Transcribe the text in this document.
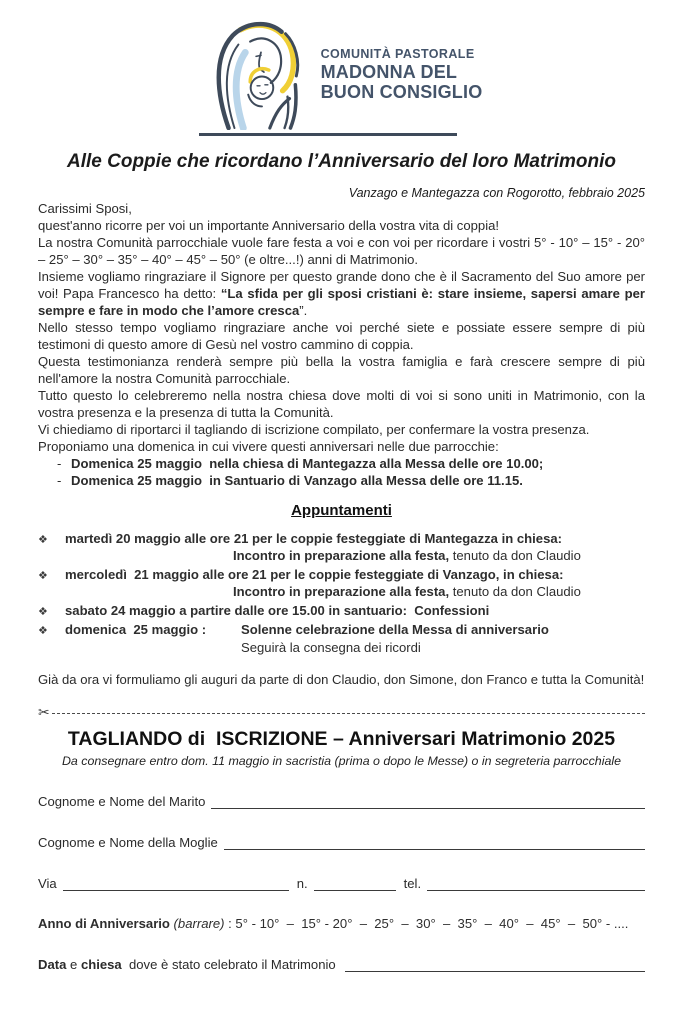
COMUNITÀ PASTORALE
MADONNA DEL
BUON CONSIGLIO
Alle Coppie che ricordano l’Anniversario del loro Matrimonio
Vanzago e Mantegazza con Rogorotto, febbraio 2025
Carissimi Sposi,
quest'anno ricorre per voi un importante Anniversario della vostra vita di coppia!
La nostra Comunità parrocchiale vuole fare festa a voi e con voi per ricordare i vostri 5° - 10° – 15° - 20° – 25° – 30° – 35° – 40° – 45° – 50° (e oltre...!) anni di Matrimonio.
Insieme vogliamo ringraziare il Signore per questo grande dono che è il Sacramento del Suo amore per voi! Papa Francesco ha detto: “La sfida per gli sposi cristiani è: stare insieme, sapersi amare per sempre e fare in modo che l’amore cresca”.
Nello stesso tempo vogliamo ringraziare anche voi perché siete e possiate essere sempre di più testimoni di questo amore di Gesù nel vostro cammino di coppia.
Questa testimonianza renderà sempre più bella la vostra famiglia e farà crescere sempre di più nell'amore la nostra Comunità parrocchiale.
Tutto questo lo celebreremo nella nostra chiesa dove molti di voi si sono uniti in Matrimonio, con la vostra presenza e la presenza di tutta la Comunità.
Vi chiediamo di riportarci il tagliando di iscrizione compilato, per confermare la vostra presenza.
Proponiamo una domenica in cui vivere questi anniversari nelle due parrocchie:
- Domenica 25 maggio  nella chiesa di Mantegazza alla Messa delle ore 10.00;
- Domenica 25 maggio  in Santuario di Vanzago alla Messa delle ore 11.15.
Appuntamenti
❖	martedì 20 maggio alle ore 21 per le coppie festeggiate di Mantegazza in chiesa:
Incontro in preparazione alla festa, tenuto da don Claudio
❖	mercoledì  21 maggio alle ore 21 per le coppie festeggiate di Vanzago, in chiesa:
Incontro in preparazione alla festa, tenuto da don Claudio
❖	sabato 24 maggio a partire dalle ore 15.00 in santuario:  Confessioni
❖	domenica  25 maggio :	Solenne celebrazione della Messa di anniversario
Seguirà la consegna dei ricordi
Già da ora vi formuliamo gli auguri da parte di don Claudio, don Simone, don Franco e tutta la Comunità!
✂
TAGLIANDO di  ISCRIZIONE – Anniversari Matrimonio 2025
Da consegnare entro dom. 11 maggio in sacristia (prima o dopo le Messe) o in segreteria parrocchiale
Cognome e Nome del Marito
Cognome e Nome della Moglie
Via	n.	tel.
Anno di Anniversario (barrare) : 5° - 10°  –  15° - 20°  –  25°  –  30°  –  35°  –  40°  –  45°  –  50° - ....
Data e chiesa  dove è stato celebrato il Matrimonio
